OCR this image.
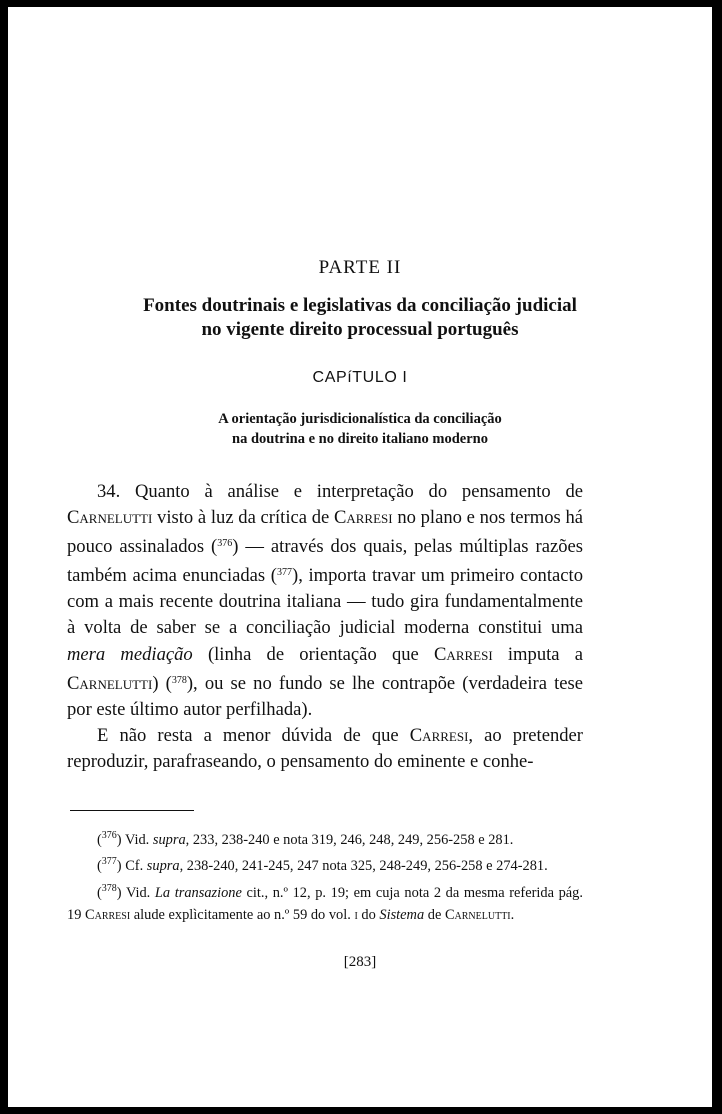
PARTE II
Fontes doutrinais e legislativas da conciliação judicial
no vigente direito processual português
CAPíTULO I
A orientação jurisdicionalística da conciliação
na doutrina e no direito italiano moderno

34. Quanto à análise e interpretação do pensamento de Carnelutti visto à luz da crítica de Carresi no plano e nos termos há pouco assinalados ($^{376}$) — através dos quais, pelas múltiplas razões também acima enunciadas ($^{377}$), importa travar um primeiro contacto com a mais recente doutrina italiana — tudo gira fundamentalmente à volta de saber se a conciliação judicial moderna constitui uma mera mediação (linha de orientação que Carresi imputa a Carnelutti) ($^{378}$), ou se no fundo se lhe contrapõe (verdadeira tese por este último autor perfilhada).

E não resta a menor dúvida de que Carresi, ao pretender reproduzir, parafraseando, o pensamento do eminente e conhe-

($^{376}$) Vid. supra, 233, 238-240 e nota 319, 246, 248, 249, 256-258 e 281.

($^{377}$) Cf. supra, 238-240, 241-245, 247 nota 325, 248-249, 256-258 e 274-281.

($^{378}$) Vid. La transazione cit., n.º 12, p. 19; em cuja nota 2 da mesma referida pág. 19 Carresi alude explìcitamente ao n.º 59 do vol. i do Sistema de Carnelutti.

[283]
